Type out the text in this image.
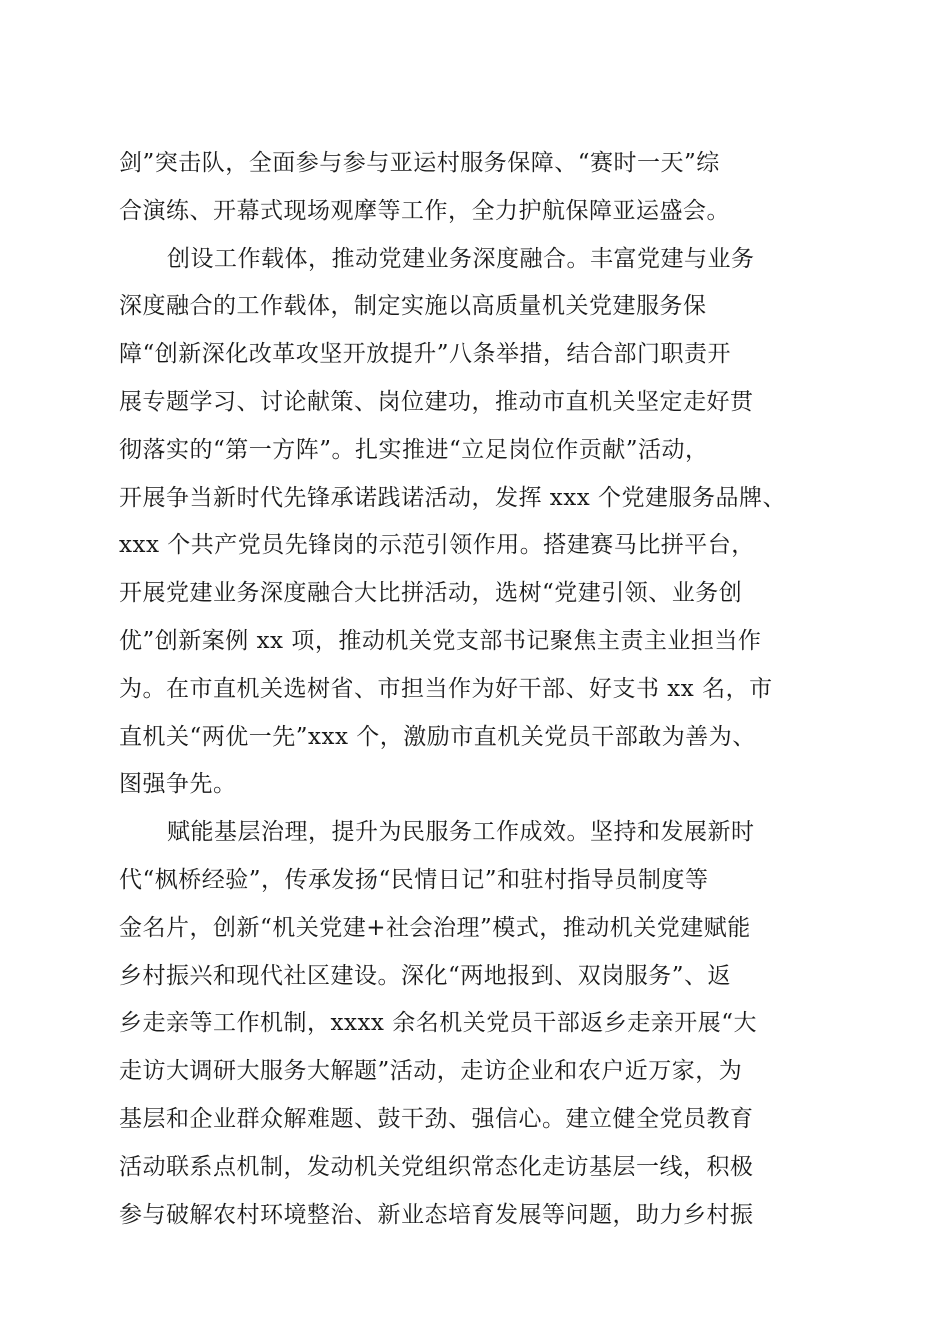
剑”突击队，全面参与参与亚运村服务保障、“赛时一天”综
合演练、开幕式现场观摩等工作，全力护航保障亚运盛会。
创设工作载体，推动党建业务深度融合。丰富党建与业务
深度融合的工作载体，制定实施以高质量机关党建服务保
障“创新深化改革攻坚开放提升”八条举措，结合部门职责开
展专题学习、讨论献策、岗位建功，推动市直机关坚定走好贯
彻落实的“第一方阵”。扎实推进“立足岗位作贡献”活动，
开展争当新时代先锋承诺践诺活动，发挥 xxx 个党建服务品牌、
xxx 个共产党员先锋岗的示范引领作用。搭建赛马比拼平台，
开展党建业务深度融合大比拼活动，选树“党建引领、业务创
优”创新案例 xx 项，推动机关党支部书记聚焦主责主业担当作
为。在市直机关选树省、市担当作为好干部、好支书 xx 名，市
直机关“两优一先”xxx 个，激励市直机关党员干部敢为善为、
图强争先。
赋能基层治理，提升为民服务工作成效。坚持和发展新时
代“枫桥经验”，传承发扬“民情日记”和驻村指导员制度等
金名片，创新“机关党建+社会治理”模式，推动机关党建赋能
乡村振兴和现代社区建设。深化“两地报到、双岗服务”、返
乡走亲等工作机制，xxxx 余名机关党员干部返乡走亲开展“大
走访大调研大服务大解题”活动，走访企业和农户近万家，为
基层和企业群众解难题、鼓干劲、强信心。建立健全党员教育
活动联系点机制，发动机关党组织常态化走访基层一线，积极
参与破解农村环境整治、新业态培育发展等问题，助力乡村振
